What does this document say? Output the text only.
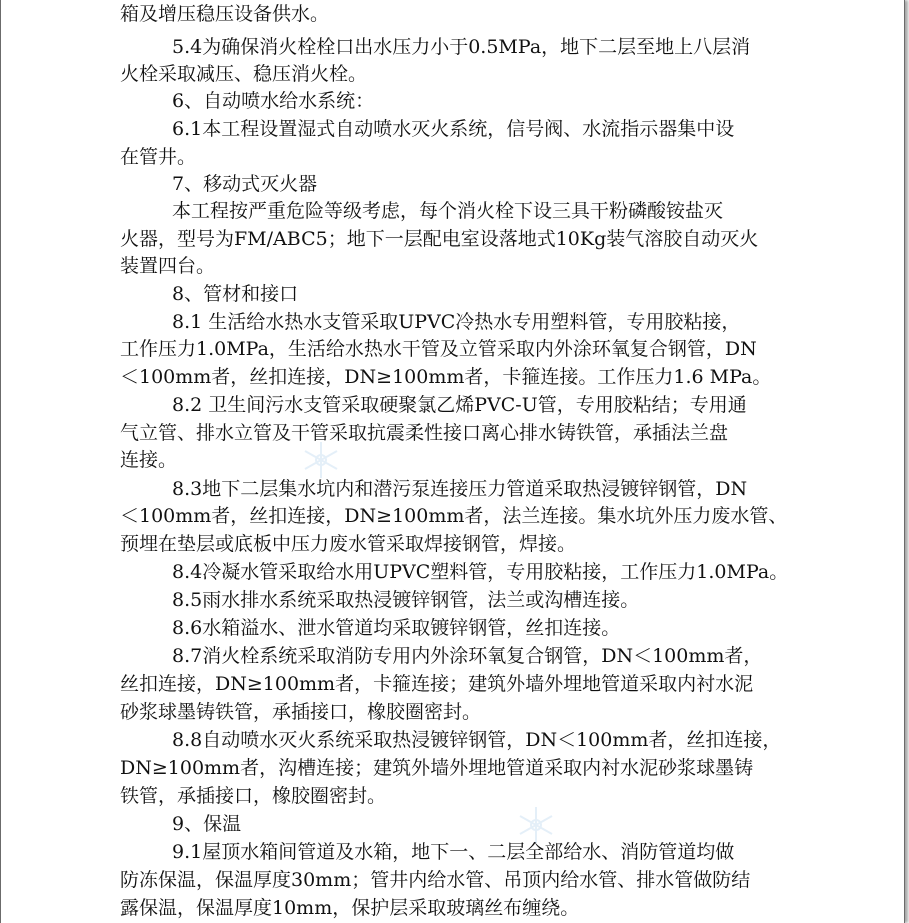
箱及增压稳压设备供水。
5.4为确保消火栓栓口出水压力小于0.5MPa，地下二层至地上八层消
火栓采取减压、稳压消火栓。
6、自动喷水给水系统：
6.1本工程设置湿式自动喷水灭火系统，信号阀、水流指示器集中设
在管井。
7、移动式灭火器
本工程按严重危险等级考虑，每个消火栓下设三具干粉磷酸铵盐灭
火器，型号为FM/ABC5；地下一层配电室设落地式10Kg装气溶胶自动灭火
装置四台。
8、管材和接口
8.1 生活给水热水支管采取UPVC冷热水专用塑料管，专用胶粘接，
工作压力1.0MPa，生活给水热水干管及立管采取内外涂环氧复合钢管，DN
＜100mm者，丝扣连接，DN≥100mm者，卡箍连接。工作压力1.6 MPa。
8.2 卫生间污水支管采取硬聚氯乙烯PVC-U管，专用胶粘结；专用通
气立管、排水立管及干管采取抗震柔性接口离心排水铸铁管，承插法兰盘
连接。
8.3地下二层集水坑内和潜污泵连接压力管道采取热浸镀锌钢管，DN
＜100mm者，丝扣连接，DN≥100mm者，法兰连接。集水坑外压力废水管、
预埋在垫层或底板中压力废水管采取焊接钢管，焊接。
8.4冷凝水管采取给水用UPVC塑料管，专用胶粘接，工作压力1.0MPa。
8.5雨水排水系统采取热浸镀锌钢管，法兰或沟槽连接。
8.6水箱溢水、泄水管道均采取镀锌钢管，丝扣连接。
8.7消火栓系统采取消防专用内外涂环氧复合钢管，DN＜100mm者，
丝扣连接，DN≥100mm者，卡箍连接；建筑外墙外埋地管道采取内衬水泥
砂浆球墨铸铁管，承插接口，橡胶圈密封。
8.8自动喷水灭火系统采取热浸镀锌钢管，DN＜100mm者，丝扣连接，
DN≥100mm者，沟槽连接；建筑外墙外埋地管道采取内衬水泥砂浆球墨铸
铁管，承插接口，橡胶圈密封。
9、保温
9.1屋顶水箱间管道及水箱，地下一、二层全部给水、消防管道均做
防冻保温，保温厚度30mm；管井内给水管、吊顶内给水管、排水管做防结
露保温，保温厚度10mm，保护层采取玻璃丝布缠绕。
